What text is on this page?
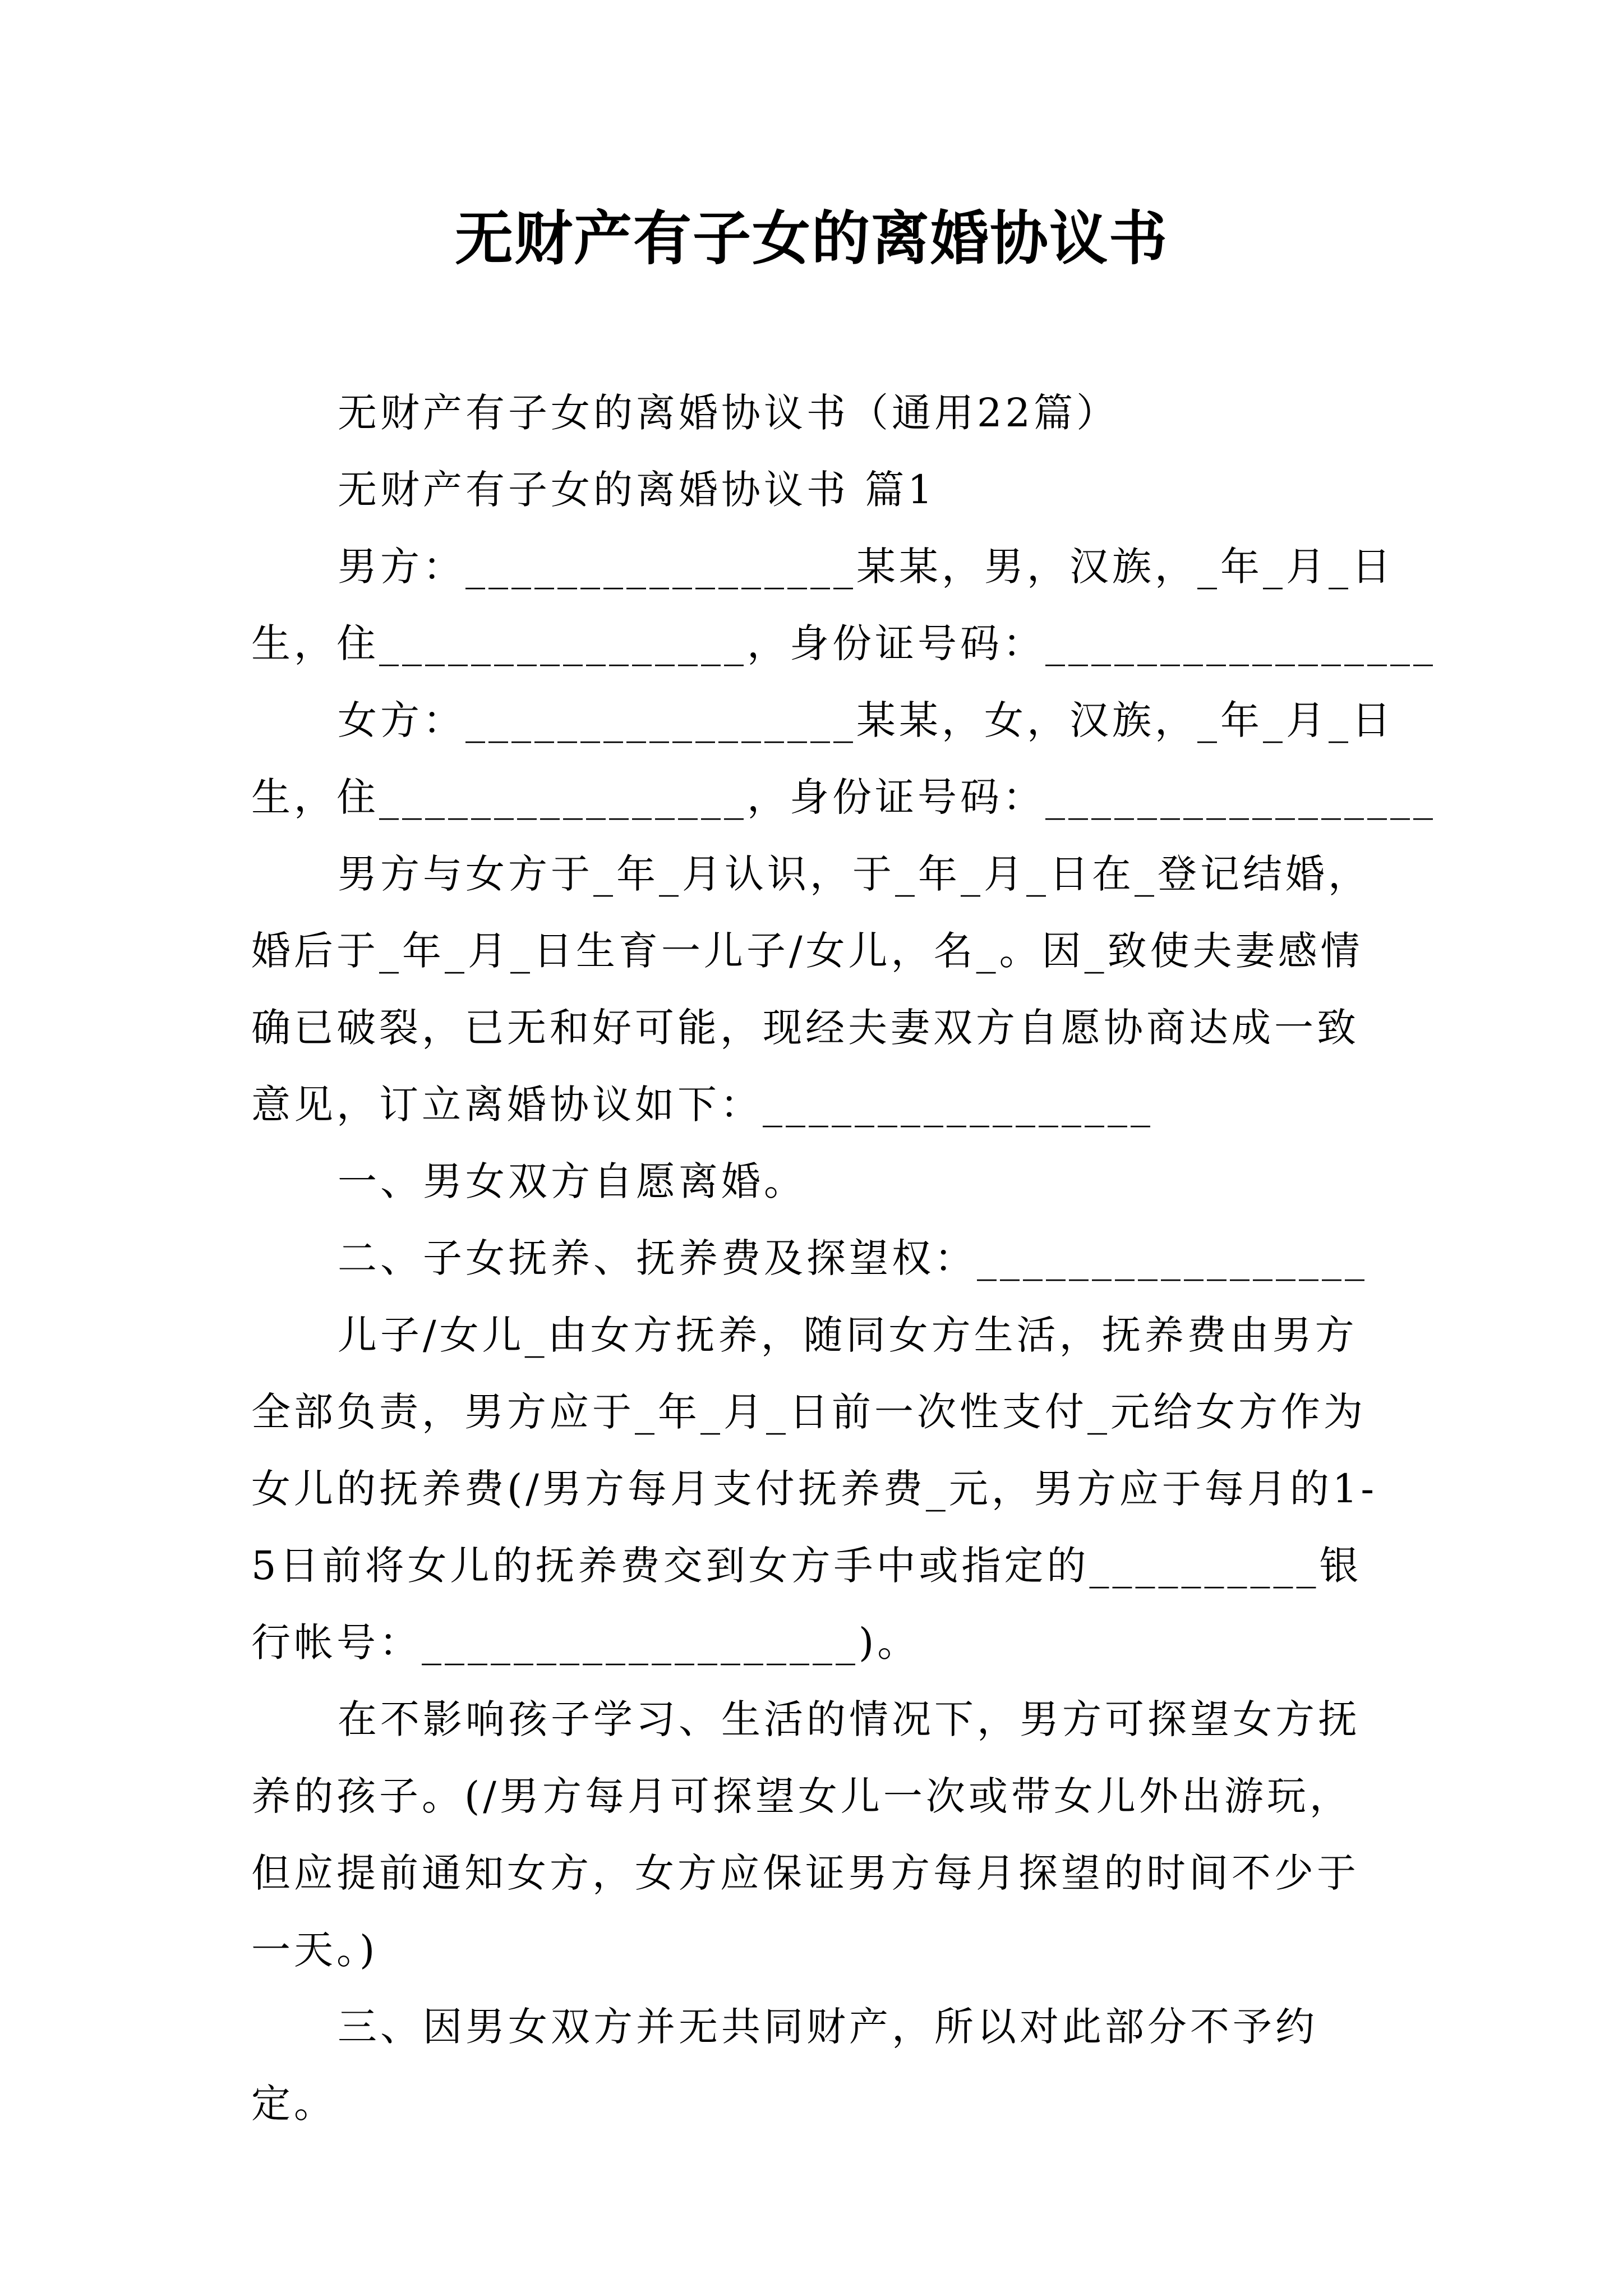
无财产有子女的离婚协议书

无财产有子女的离婚协议书（通用22篇）

无财产有子女的离婚协议书 篇1

男方：_________________某某，男，汉族，_年_月_日

生，住________________，身份证号码：_________________

女方：_________________某某，女，汉族，_年_月_日

生，住________________，身份证号码：_________________

男方与女方于_年_月认识，于_年_月_日在_登记结婚，婚后于_年_月_日生育一儿子/女儿，名_。因_致使夫妻感情确已破裂，已无和好可能，现经夫妻双方自愿协商达成一致意见，订立离婚协议如下：_________________

一、男女双方自愿离婚。

二、子女抚养、抚养费及探望权：_________________

儿子/女儿_由女方抚养，随同女方生活，抚养费由男方全部负责，男方应于_年_月_日前一次性支付_元给女方作为女儿的抚养费(/男方每月支付抚养费_元，男方应于每月的1-5日前将女儿的抚养费交到女方手中或指定的__________银行帐号：___________________)。

在不影响孩子学习、生活的情况下，男方可探望女方抚养的孩子。(/男方每月可探望女儿一次或带女儿外出游玩，但应提前通知女方，女方应保证男方每月探望的时间不少于一天。)

三、因男女双方并无共同财产，所以对此部分不予约定。
